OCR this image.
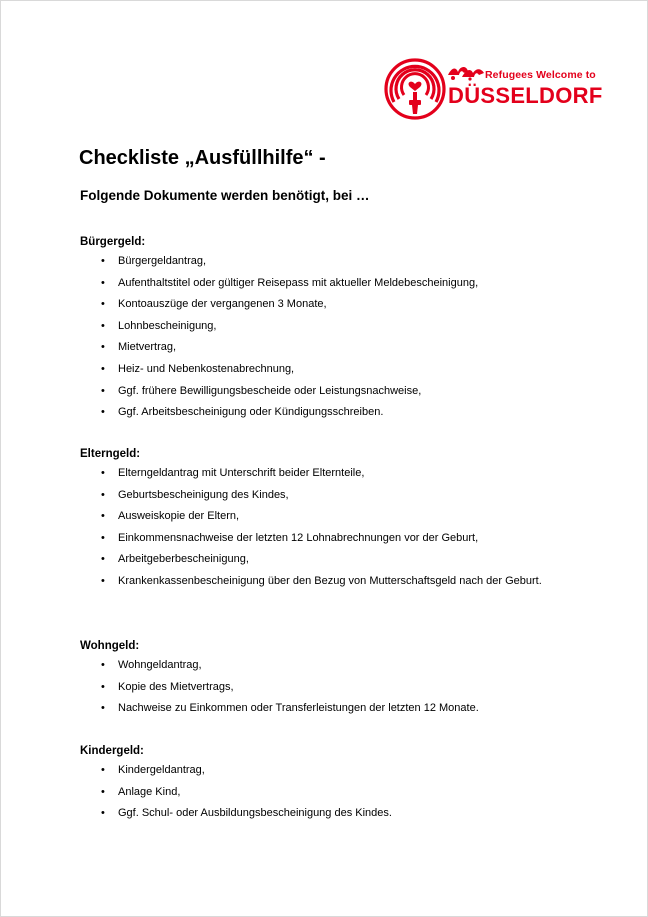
Refugees Welcome to
DÜSSELDORF
Checkliste „Ausfüllhilfe“ -
Folgende Dokumente werden benötigt, bei …
Bürgergeld:
• Bürgergeldantrag,
• Aufenthaltstitel oder gültiger Reisepass mit aktueller Meldebescheinigung,
• Kontoauszüge der vergangenen 3 Monate,
• Lohnbescheinigung,
• Mietvertrag,
• Heiz- und Nebenkostenabrechnung,
• Ggf. frühere Bewilligungsbescheide oder Leistungsnachweise,
• Ggf. Arbeitsbescheinigung oder Kündigungsschreiben.
Elterngeld:
• Elterngeldantrag mit Unterschrift beider Elternteile,
• Geburtsbescheinigung des Kindes,
• Ausweiskopie der Eltern,
• Einkommensnachweise der letzten 12 Lohnabrechnungen vor der Geburt,
• Arbeitgeberbescheinigung,
• Krankenkassenbescheinigung über den Bezug von Mutterschaftsgeld nach der Geburt.
Wohngeld:
• Wohngeldantrag,
• Kopie des Mietvertrags,
• Nachweise zu Einkommen oder Transferleistungen der letzten 12 Monate.
Kindergeld:
• Kindergeldantrag,
• Anlage Kind,
• Ggf. Schul- oder Ausbildungsbescheinigung des Kindes.
